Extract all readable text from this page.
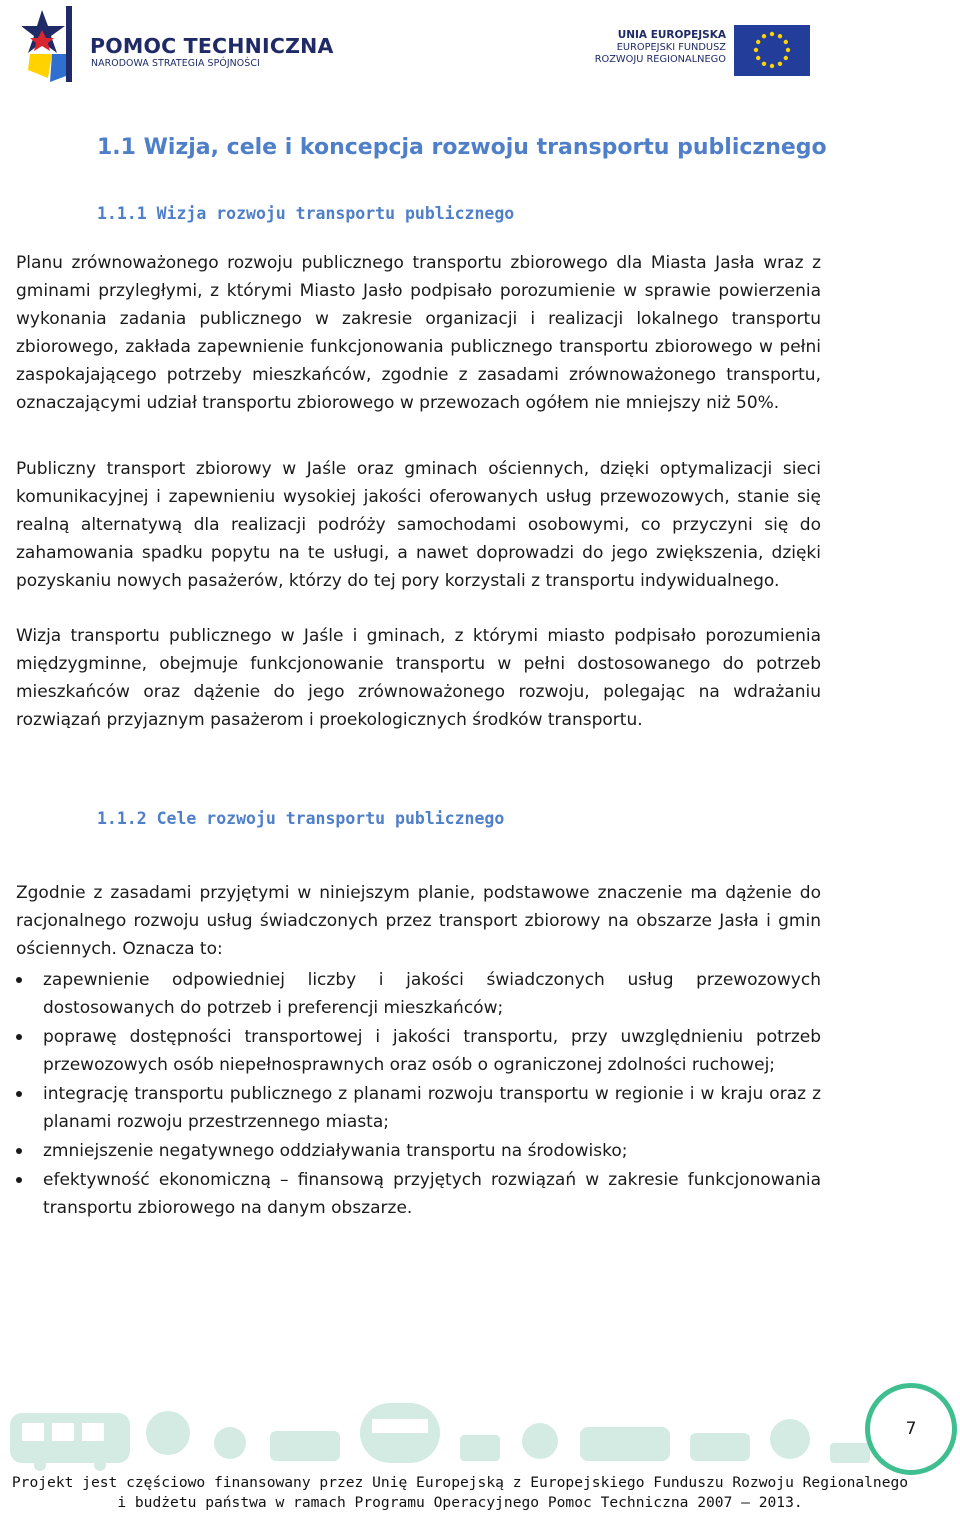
POMOC TECHNICZNA
NARODOWA STRATEGIA SPÓJNOŚCI
UNIA EUROPEJSKA
EUROPEJSKI FUNDUSZ
ROZWOJU REGIONALNEGO
1.1 Wizja, cele i koncepcja rozwoju transportu publicznego
1.1.1 Wizja rozwoju transportu publicznego

Planu zrównoważonego rozwoju publicznego transportu zbiorowego dla Miasta Jasła wraz z gminami przyległymi, z którymi Miasto Jasło podpisało porozumienie w sprawie powierzenia wykonania zadania publicznego w zakresie organizacji i realizacji lokalnego transportu zbiorowego, zakłada zapewnienie funkcjonowania publicznego transportu zbiorowego w pełni zaspokajającego potrzeby mieszkańców, zgodnie z zasadami zrównoważonego transportu, oznaczającymi udział transportu zbiorowego w przewozach ogółem nie mniejszy niż 50%.

Publiczny transport zbiorowy w Jaśle oraz gminach ościennych, dzięki optymalizacji sieci komunikacyjnej i zapewnieniu wysokiej jakości oferowanych usług przewozowych, stanie się realną alternatywą dla realizacji podróży samochodami osobowymi, co przyczyni się do zahamowania spadku popytu na te usługi, a nawet doprowadzi do jego zwiększenia, dzięki pozyskaniu nowych pasażerów, którzy do tej pory korzystali z transportu indywidualnego.

Wizja transportu publicznego w Jaśle i gminach, z którymi miasto podpisało porozumienia międzygminne, obejmuje funkcjonowanie transportu w pełni dostosowanego do potrzeb mieszkańców oraz dążenie do jego zrównoważonego rozwoju, polegając na wdrażaniu rozwiązań przyjaznym pasażerom i proekologicznych środków transportu.

1.1.2 Cele rozwoju transportu publicznego

Zgodnie z zasadami przyjętymi w niniejszym planie, podstawowe znaczenie ma dążenie do racjonalnego rozwoju usług świadczonych przez transport zbiorowy na obszarze Jasła i gmin ościennych. Oznacza to:

zapewnienie odpowiedniej liczby i jakości świadczonych usług przewozowych dostosowanych do potrzeb i preferencji mieszkańców;
poprawę dostępności transportowej i jakości transportu, przy uwzględnieniu potrzeb przewozowych osób niepełnosprawnych oraz osób o ograniczonej zdolności ruchowej;
integrację transportu publicznego z planami rozwoju transportu w regionie i w kraju oraz z planami rozwoju przestrzennego miasta;
zmniejszenie negatywnego oddziaływania transportu na środowisko;
efektywność ekonomiczną – finansową przyjętych rozwiązań w zakresie funkcjonowania transportu zbiorowego na danym obszarze.
7
Projekt jest częściowo finansowany przez Unię Europejską z Europejskiego Funduszu Rozwoju Regionalnego
i budżetu państwa w ramach Programu Operacyjnego Pomoc Techniczna 2007 – 2013.
